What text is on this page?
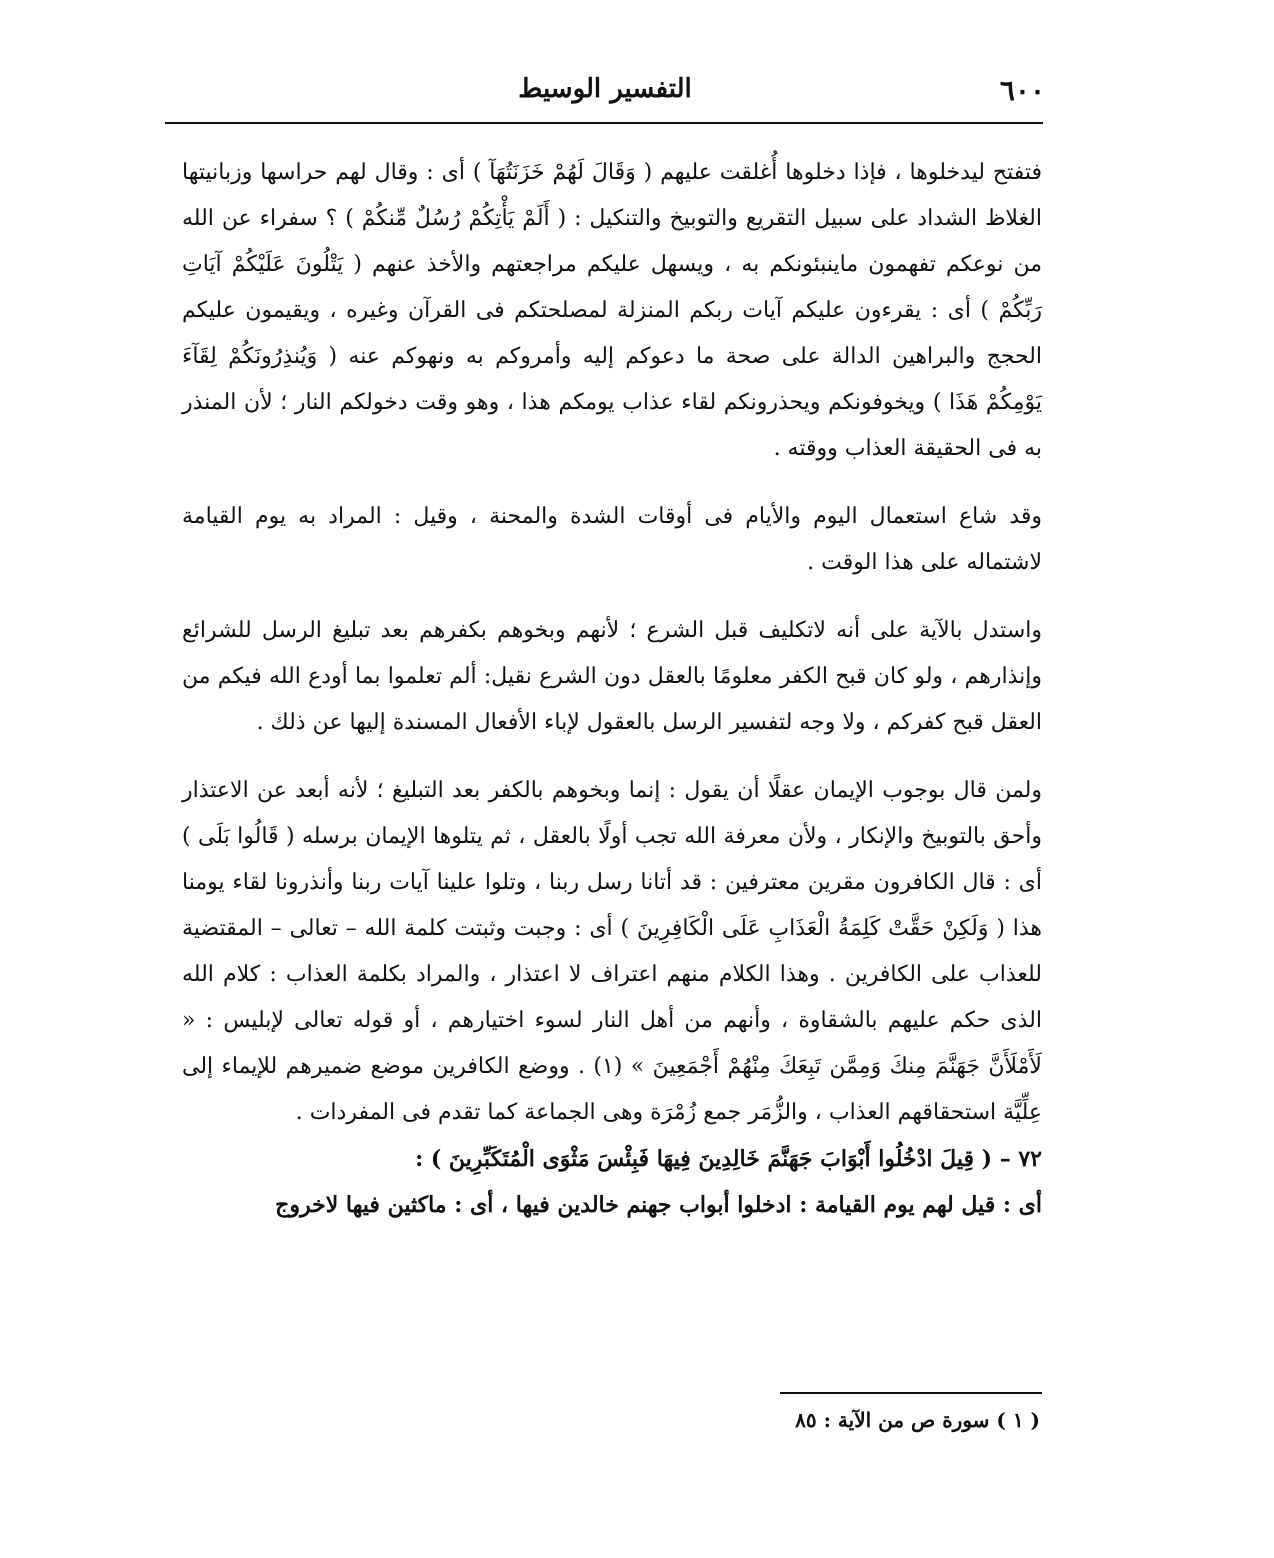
٦٠٠
التفسير الوسيط

فتفتح ليدخلوها ، فإذا دخلوها أُغلقت عليهم ( وَقَالَ لَهُمْ خَزَنَتُهَآ ) أى : وقال لهم حراسها وزبانيتها الغلاظ الشداد على سبيل التقريع والتوبيخ والتنكيل : ( أَلَمْ يَأْتِكُمْ رُسُلٌ مِّنكُمْ ) ؟ سفراء عن الله من نوعكم تفهمون ماينبئونكم به ، ويسهل عليكم مراجعتهم والأخذ عنهم ( يَتْلُونَ عَلَيْكُمْ آيَاتِ رَبِّكُمْ ) أى : يقرءون عليكم آيات ربكم المنزلة لمصلحتكم فى القرآن وغيره ، ويقيمون عليكم الحجج والبراهين الدالة على صحة ما دعوكم إليه وأمروكم به ونهوكم عنه ( وَيُنذِرُونَكُمْ لِقَآءَ يَوْمِكُمْ هَذَا ) ويخوفونكم ويحذرونكم لقاء عذاب يومكم هذا ، وهو وقت دخولكم النار ؛ لأن المنذر به فى الحقيقة العذاب ووقته .

وقد شاع استعمال اليوم والأيام فى أوقات الشدة والمحنة ، وقيل : المراد به يوم القيامة لاشتماله على هذا الوقت .

واستدل بالآية على أنه لاتكليف قبل الشرع ؛ لأنهم وبخوهم بكفرهم بعد تبليغ الرسل للشرائع وإنذارهم ، ولو كان قبح الكفر معلومًا بالعقل دون الشرع نقيل: ألم تعلموا بما أودع الله فيكم من العقل قبح كفركم ، ولا وجه لتفسير الرسل بالعقول لإباء الأفعال المسندة إليها عن ذلك .

ولمن قال بوجوب الإيمان عقلًا أن يقول : إنما وبخوهم بالكفر بعد التبليغ ؛ لأنه أبعد عن الاعتذار وأحق بالتوبيخ والإنكار ، ولأن معرفة الله تجب أولًا بالعقل ، ثم يتلوها الإيمان برسله ( قَالُوا بَلَى ) أى : قال الكافرون مقرين معترفين : قد أتانا رسل ربنا ، وتلوا علينا آيات ربنا وأنذرونا لقاء يومنا هذا ( وَلَكِنْ حَقَّتْ كَلِمَةُ الْعَذَابِ عَلَى الْكَافِرِينَ ) أى : وجبت وثبتت كلمة الله – تعالى – المقتضية للعذاب على الكافرين . وهذا الكلام منهم اعتراف لا اعتذار ، والمراد بكلمة العذاب : كلام الله الذى حكم عليهم بالشقاوة ، وأنهم من أهل النار لسوء اختيارهم ، أو قوله تعالى لإبليس : « لَأَمْلَأَنَّ جَهَنَّمَ مِنكَ وَمِمَّن تَبِعَكَ مِنْهُمْ أَجْمَعِينَ » (١) . ووضع الكافرين موضع ضميرهم للإيماء إلى عِلِّيَّة استحقاقهم العذاب ، والزُّمَر جمع زُمْرَة وهى الجماعة كما تقدم فى المفردات .

٧٢ – ( قِيلَ ادْخُلُوا أَبْوَابَ جَهَنَّمَ خَالِدِينَ فِيهَا فَبِئْسَ مَثْوَى الْمُتَكَبِّرِينَ ) :

أى : قيل لهم يوم القيامة : ادخلوا أبواب جهنم خالدين فيها ، أى : ماكثين فيها لاخروج

( ١ ) سورة ص من الآية : ٨٥
